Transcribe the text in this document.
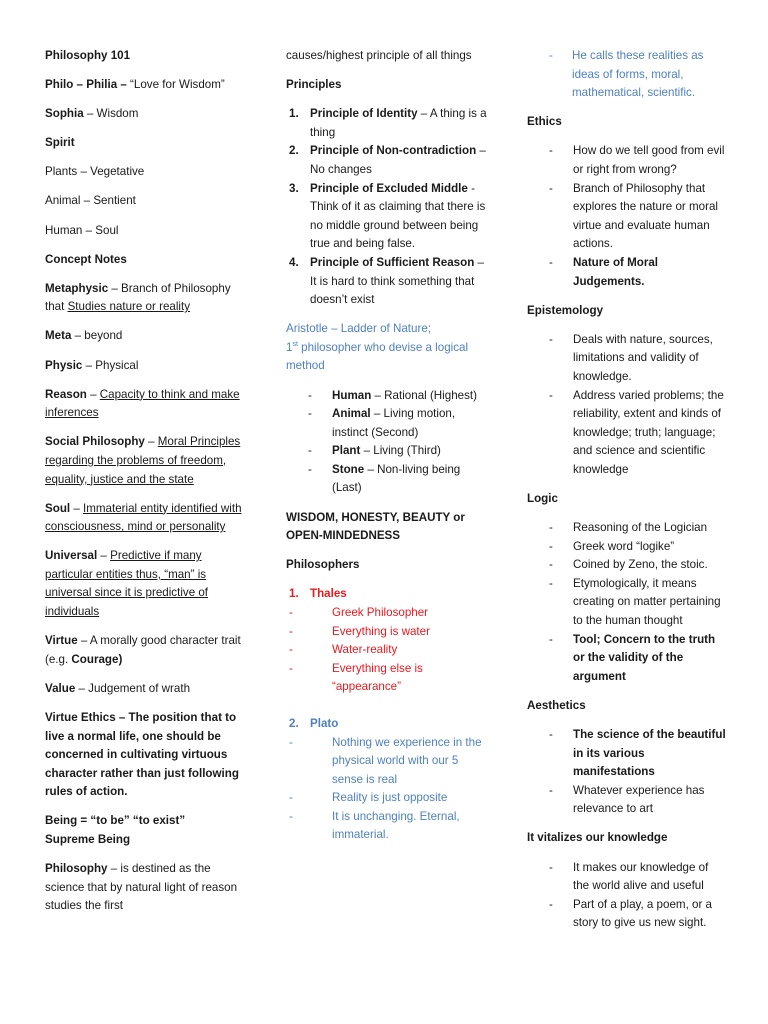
Philosophy 101

Philo – Philia – “Love for Wisdom”

Sophia – Wisdom

Spirit

Plants – Vegetative

Animal – Sentient

Human – Soul

Concept Notes

Metaphysic – Branch of Philosophy that Studies nature or reality

Meta – beyond

Physic – Physical

Reason – Capacity to think and make inferences

Social Philosophy – Moral Principles regarding the problems of freedom, equality, justice and the state

Soul – Immaterial entity identified with consciousness, mind or personality

Universal – Predictive if many particular entities thus, “man” is universal since it is predictive of individuals

Virtue – A morally good character trait (e.g. Courage)

Value – Judgement of wrath

Virtue Ethics – The position that to live a normal life, one should be concerned in cultivating virtuous character rather than just following rules of action.

Being = “to be” “to exist”
Supreme Being

Philosophy – is destined as the science that by natural light of reason studies the first

causes/highest principle of all things

Principles

1. Principle of Identity – A thing is a thing
2. Principle of Non-contradiction – No changes
3. Principle of Excluded Middle - Think of it as claiming that there is no middle ground between being true and being false.
4. Principle of Sufficient Reason – It is hard to think something that doesn’t exist

Aristotle – Ladder of Nature;
1st philosopher who devise a logical method

- Human – Rational (Highest)
- Animal – Living motion, instinct (Second)
- Plant – Living (Third)
- Stone – Non-living being (Last)

WISDOM, HONESTY, BEAUTY or OPEN-MINDEDNESS

Philosophers

1. Thales
-	Greek Philosopher
-	Everything is water
-	Water-reality
-	Everything else is “appearance”
2. Plato
-	Nothing we experience in the physical world with our 5 sense is real
-	Reality is just opposite
-	It is unchanging. Eternal, immaterial.
- He calls these realities as ideas of forms, moral, mathematical, scientific.

Ethics

- How do we tell good from evil or right from wrong?
- Branch of Philosophy that explores the nature or moral virtue and evaluate human actions.
- Nature of Moral Judgements.

Epistemology

- Deals with nature, sources, limitations and validity of knowledge.
- Address varied problems; the reliability, extent and kinds of knowledge; truth; language; and science and scientific knowledge

Logic

- Reasoning of the Logician
- Greek word “logike”
- Coined by Zeno, the stoic.
- Etymologically, it means creating on matter pertaining to the human thought
- Tool; Concern to the truth or the validity of the argument

Aesthetics

- The science of the beautiful in its various manifestations
- Whatever experience has relevance to art

It vitalizes our knowledge

- It makes our knowledge of the world alive and useful
- Part of a play, a poem, or a story to give us new sight.
